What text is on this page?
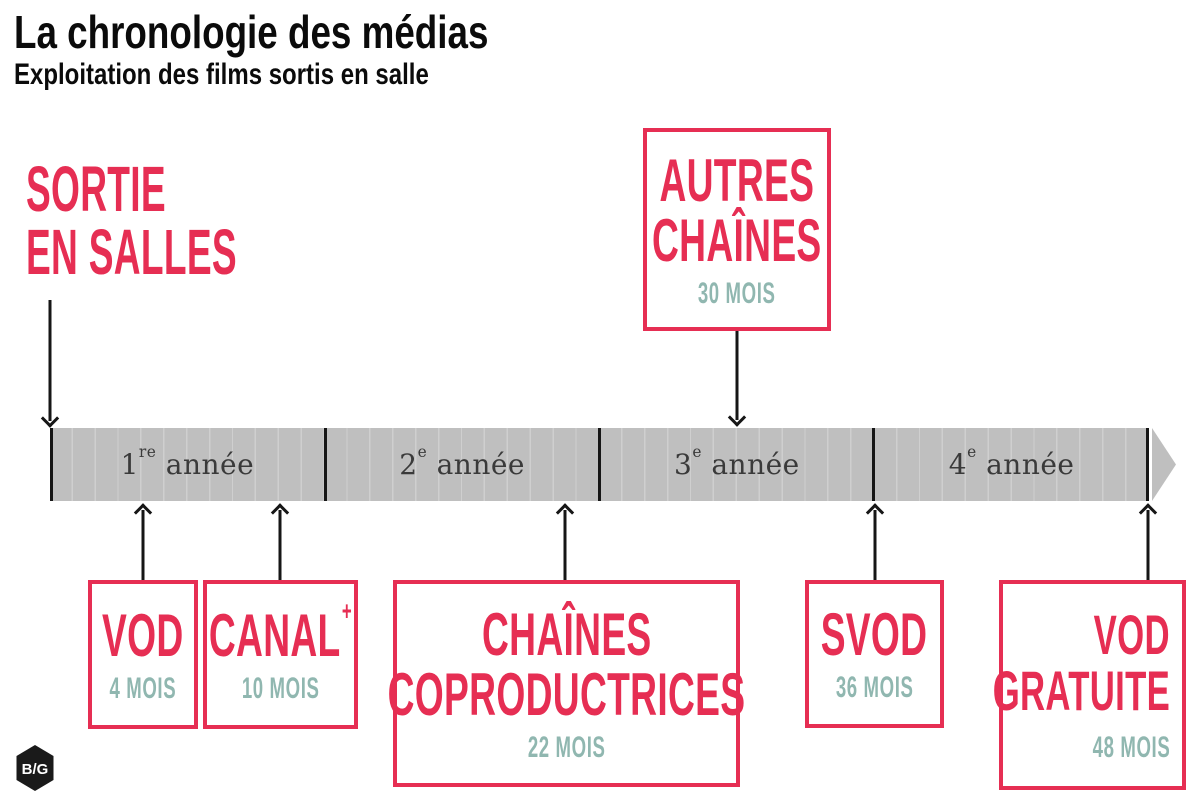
La chronologie des médias
Exploitation des films sortis en salle
SORTIE
EN SALLES
1re année	2e année	3e année	4e année
AUTRES
CHAÎNES
30 MOIS
VOD
4 MOIS
CANAL+
10 MOIS
CHAÎNES
COPRODUCTRICES
22 MOIS
SVOD
36 MOIS
VOD
GRATUITE
48 MOIS
B/G
